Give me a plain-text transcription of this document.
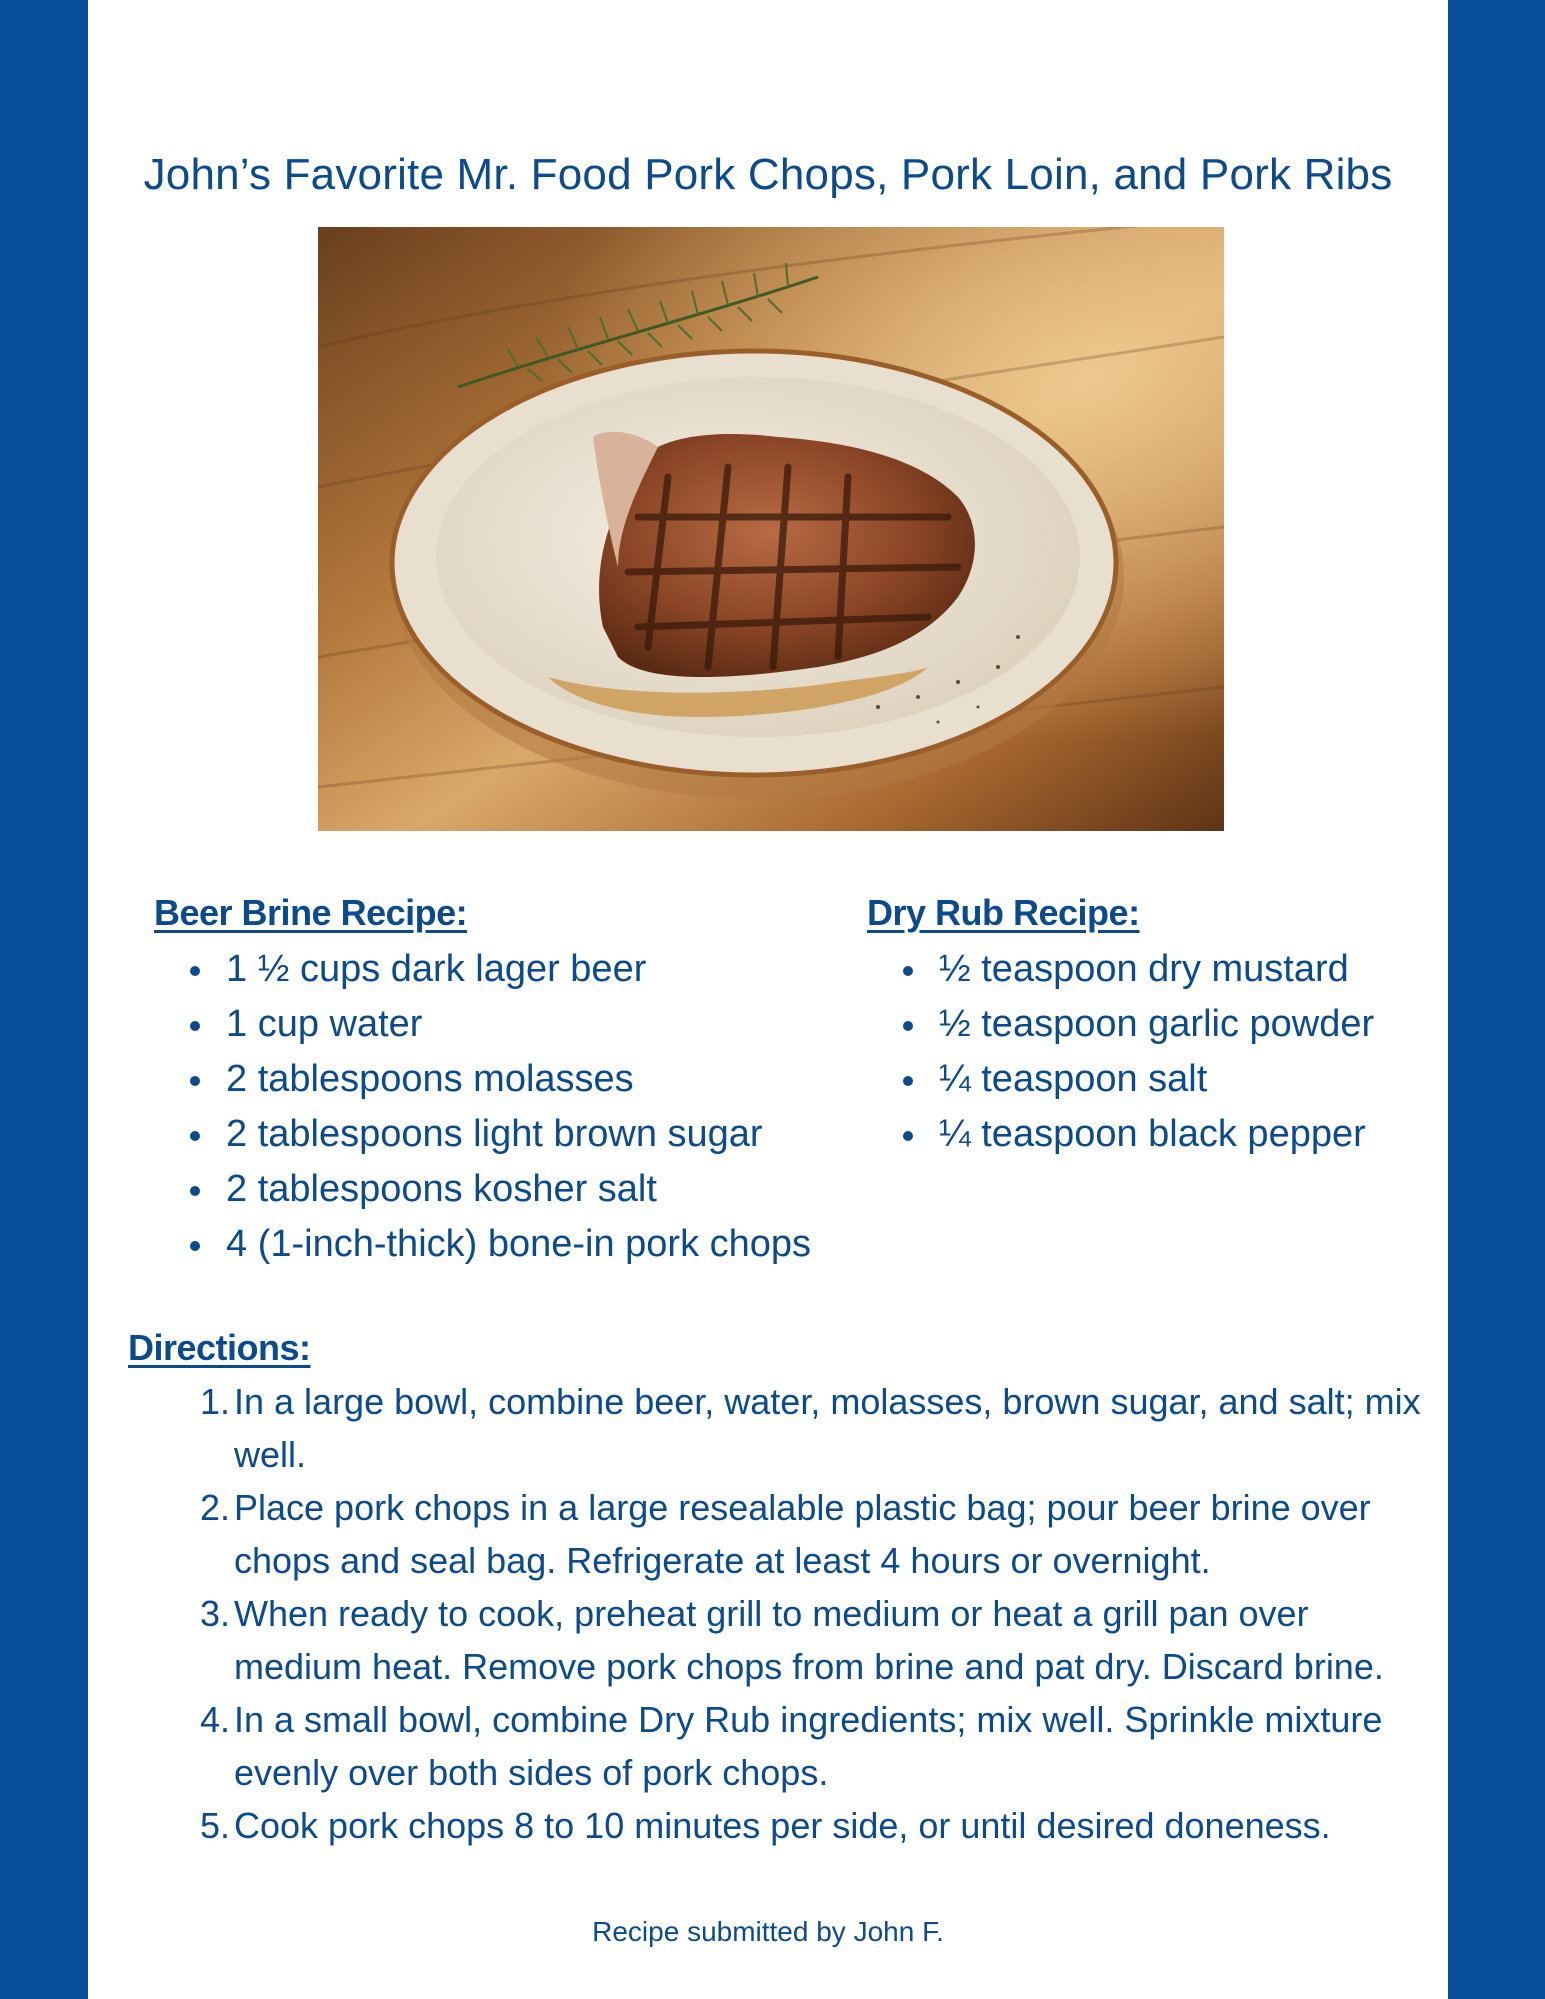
John’s Favorite Mr. Food Pork Chops, Pork Loin, and Pork Ribs
Beer Brine Recipe:
1 ½ cups dark lager beer
1 cup water
2 tablespoons molasses
2 tablespoons light brown sugar
2 tablespoons kosher salt
4 (1-inch-thick) bone-in pork chops
Dry Rub Recipe:
½ teaspoon dry mustard
½ teaspoon garlic powder
¼ teaspoon salt
¼ teaspoon black pepper
Directions:
1. In a large bowl, combine beer, water, molasses, brown sugar, and salt; mix well.
2. Place pork chops in a large resealable plastic bag; pour beer brine over chops and seal bag. Refrigerate at least 4 hours or overnight.
3. When ready to cook, preheat grill to medium or heat a grill pan over medium heat. Remove pork chops from brine and pat dry. Discard brine.
4. In a small bowl, combine Dry Rub ingredients; mix well. Sprinkle mixture evenly over both sides of pork chops.
5. Cook pork chops 8 to 10 minutes per side, or until desired doneness.
Recipe submitted by John F.
